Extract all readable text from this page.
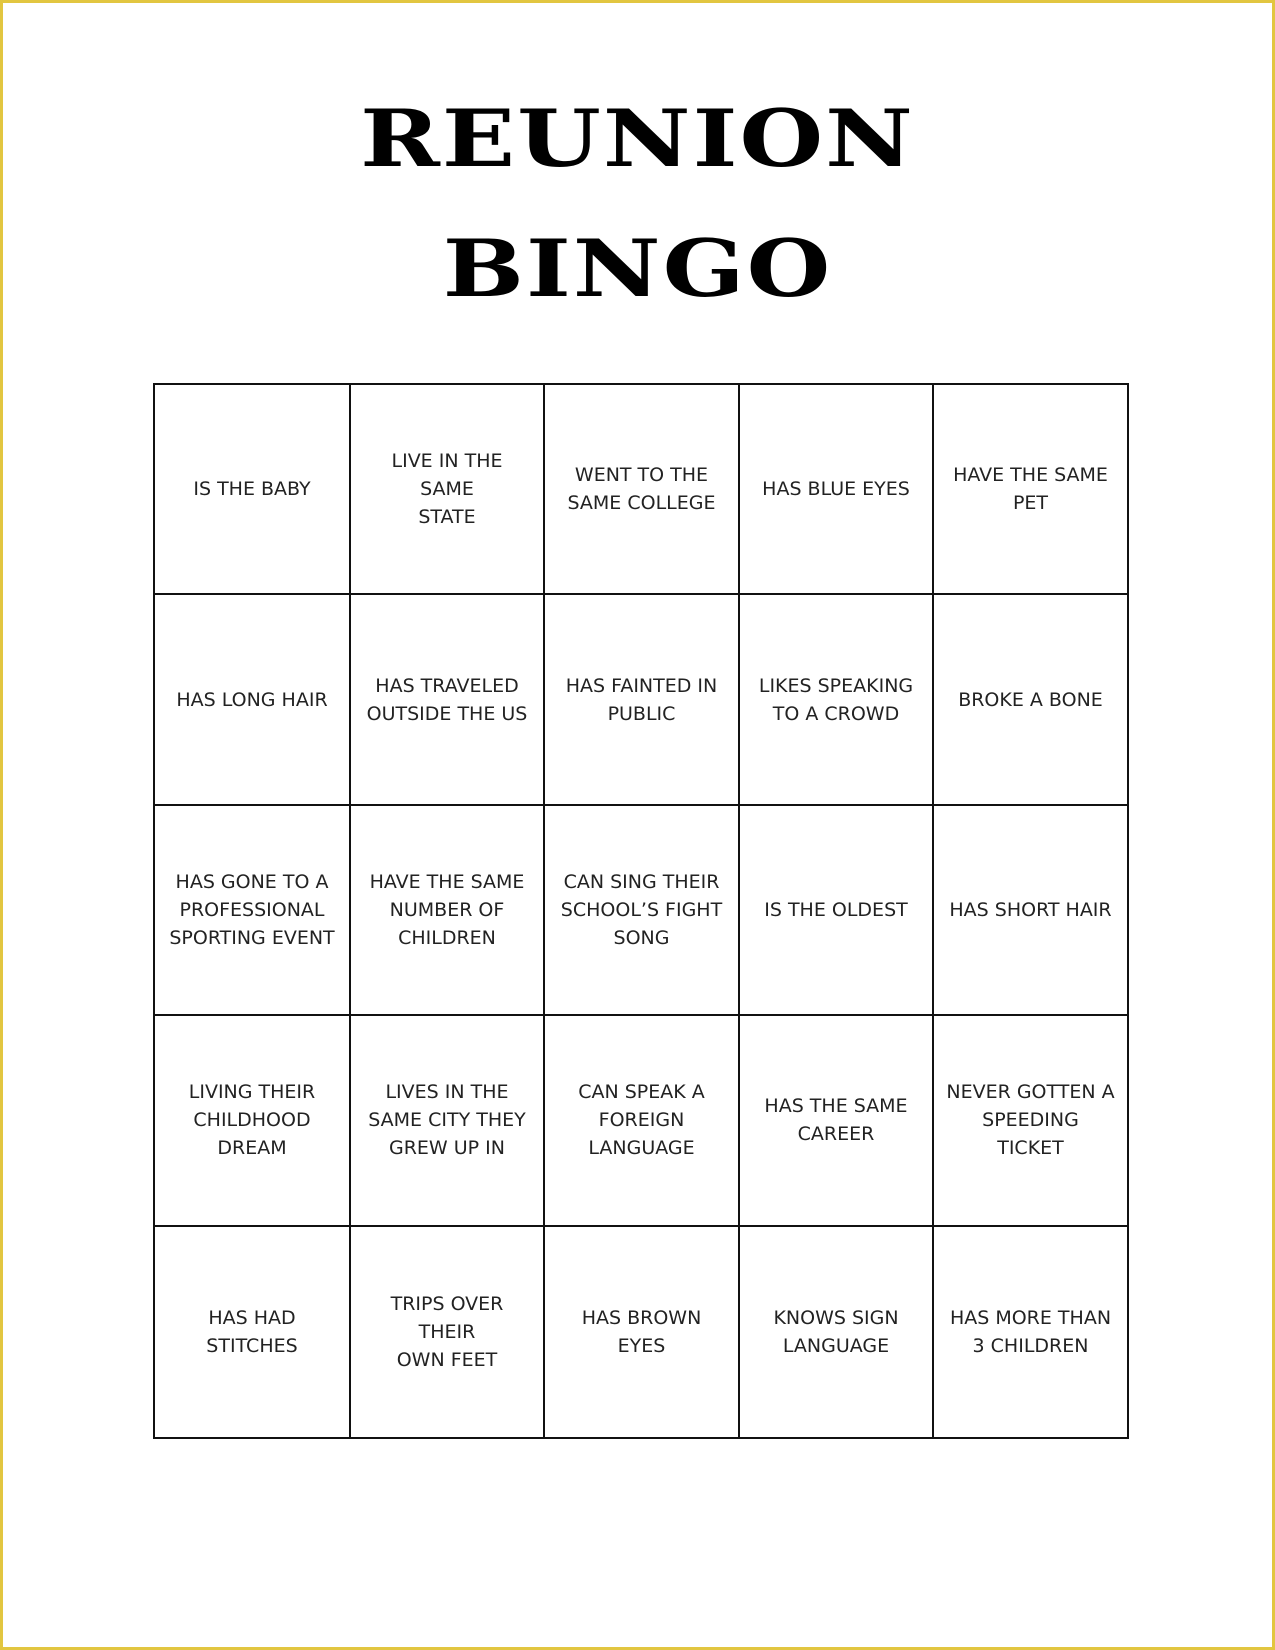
REUNION
BINGO
IS THE BABY
LIVE IN THE SAME
STATE
WENT TO THE
SAME COLLEGE
HAS BLUE EYES
HAVE THE SAME
PET
HAS LONG HAIR
HAS TRAVELED
OUTSIDE THE US
HAS FAINTED IN
PUBLIC
LIKES SPEAKING
TO A CROWD
BROKE A BONE
HAS GONE TO A
PROFESSIONAL
SPORTING EVENT
HAVE THE SAME
NUMBER OF
CHILDREN
CAN SING THEIR
SCHOOL’S FIGHT
SONG
IS THE OLDEST HAS SHORT HAIR
LIVING THEIR
CHILDHOOD
DREAM
LIVES IN THE
SAME CITY THEY
GREW UP IN
CAN SPEAK A
FOREIGN
LANGUAGE
HAS THE SAME
CAREER
NEVER GOTTEN A
SPEEDING TICKET
HAS HAD
STITCHES
TRIPS OVER THEIR
OWN FEET
HAS BROWN EYES
KNOWS SIGN
LANGUAGE
HAS MORE THAN
3 CHILDREN
